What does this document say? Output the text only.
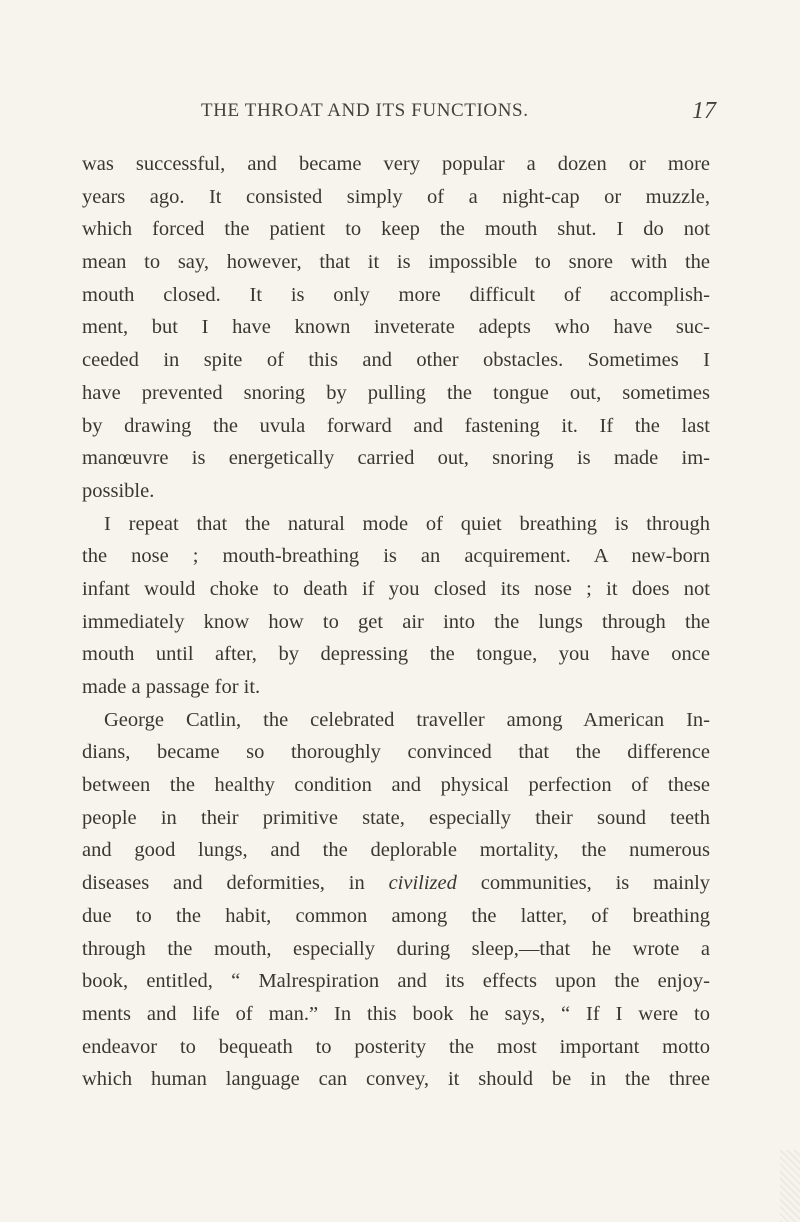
THE THROAT AND ITS FUNCTIONS.	17

was successful, and became very popular a dozen or more
years ago. It consisted simply of a night-cap or muzzle,
which forced the patient to keep the mouth shut. I do not
mean to say, however, that it is impossible to snore with the
mouth closed. It is only more difficult of accomplish-
ment, but I have known inveterate adepts who have suc-
ceeded in spite of this and other obstacles. Sometimes I
have prevented snoring by pulling the tongue out, sometimes
by drawing the uvula forward and fastening it. If the last
manœuvre is energetically carried out, snoring is made im-
possible.

I repeat that the natural mode of quiet breathing is through
the nose ; mouth-breathing is an acquirement. A new-born
infant would choke to death if you closed its nose ; it does not
immediately know how to get air into the lungs through the
mouth until after, by depressing the tongue, you have once
made a passage for it.

George Catlin, the celebrated traveller among American In-
dians, became so thoroughly convinced that the difference
between the healthy condition and physical perfection of these
people in their primitive state, especially their sound teeth
and good lungs, and the deplorable mortality, the numerous
diseases and deformities, in civilized communities, is mainly
due to the habit, common among the latter, of breathing
through the mouth, especially during sleep,—that he wrote a
book, entitled, “ Malrespiration and its effects upon the enjoy-
ments and life of man.” In this book he says, “ If I were to
endeavor to bequeath to posterity the most important motto
which human language can convey, it should be in the three
